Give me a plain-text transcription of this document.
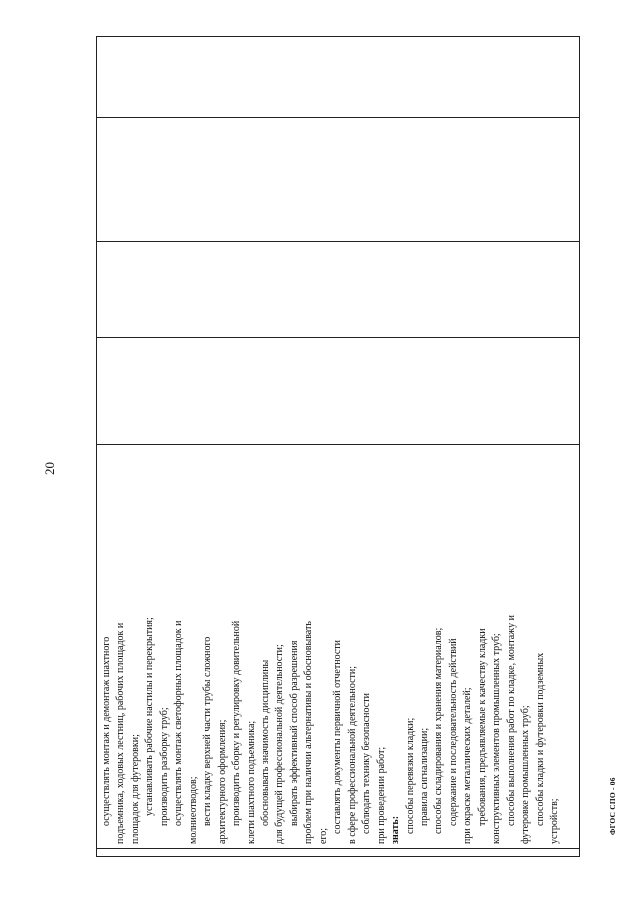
20

осуществлять монтаж и демонтаж шахтного подъемника, ходовых лестниц, рабочих площадок и площадок для футеровки; устанавливать рабочие настилы и перекрытия; производить разборку труб; осуществлять монтаж светофорных площадок и молниеотводов; вести кладку верхней части трубы сложного архитектурного оформления; производить сборку и регулировку довительной клети шахтного подъемника; обосновывать значимость дисциплины для будущей профессиональной деятельности; выбирать эффективный способ разрешения проблем при наличии альтернативы и обосновывать его;
составлять документы первичной отчетности в сфере профессиональной деятельности; соблюдать технику безопасности при проведении работ; знать: способы перевязки кладки; правила сигнализации; способы складирования и хранения материалов; содержание и последовательность действий при окраске металлических деталей; требования, предъявляемые к качеству кладки конструктивных элементов промышленных труб; способы выполнения работ по кладке, монтажу и футеровке промышленных труб; способы кладки и футеровки подземных устройств;
					ФГОС СПО - 06
